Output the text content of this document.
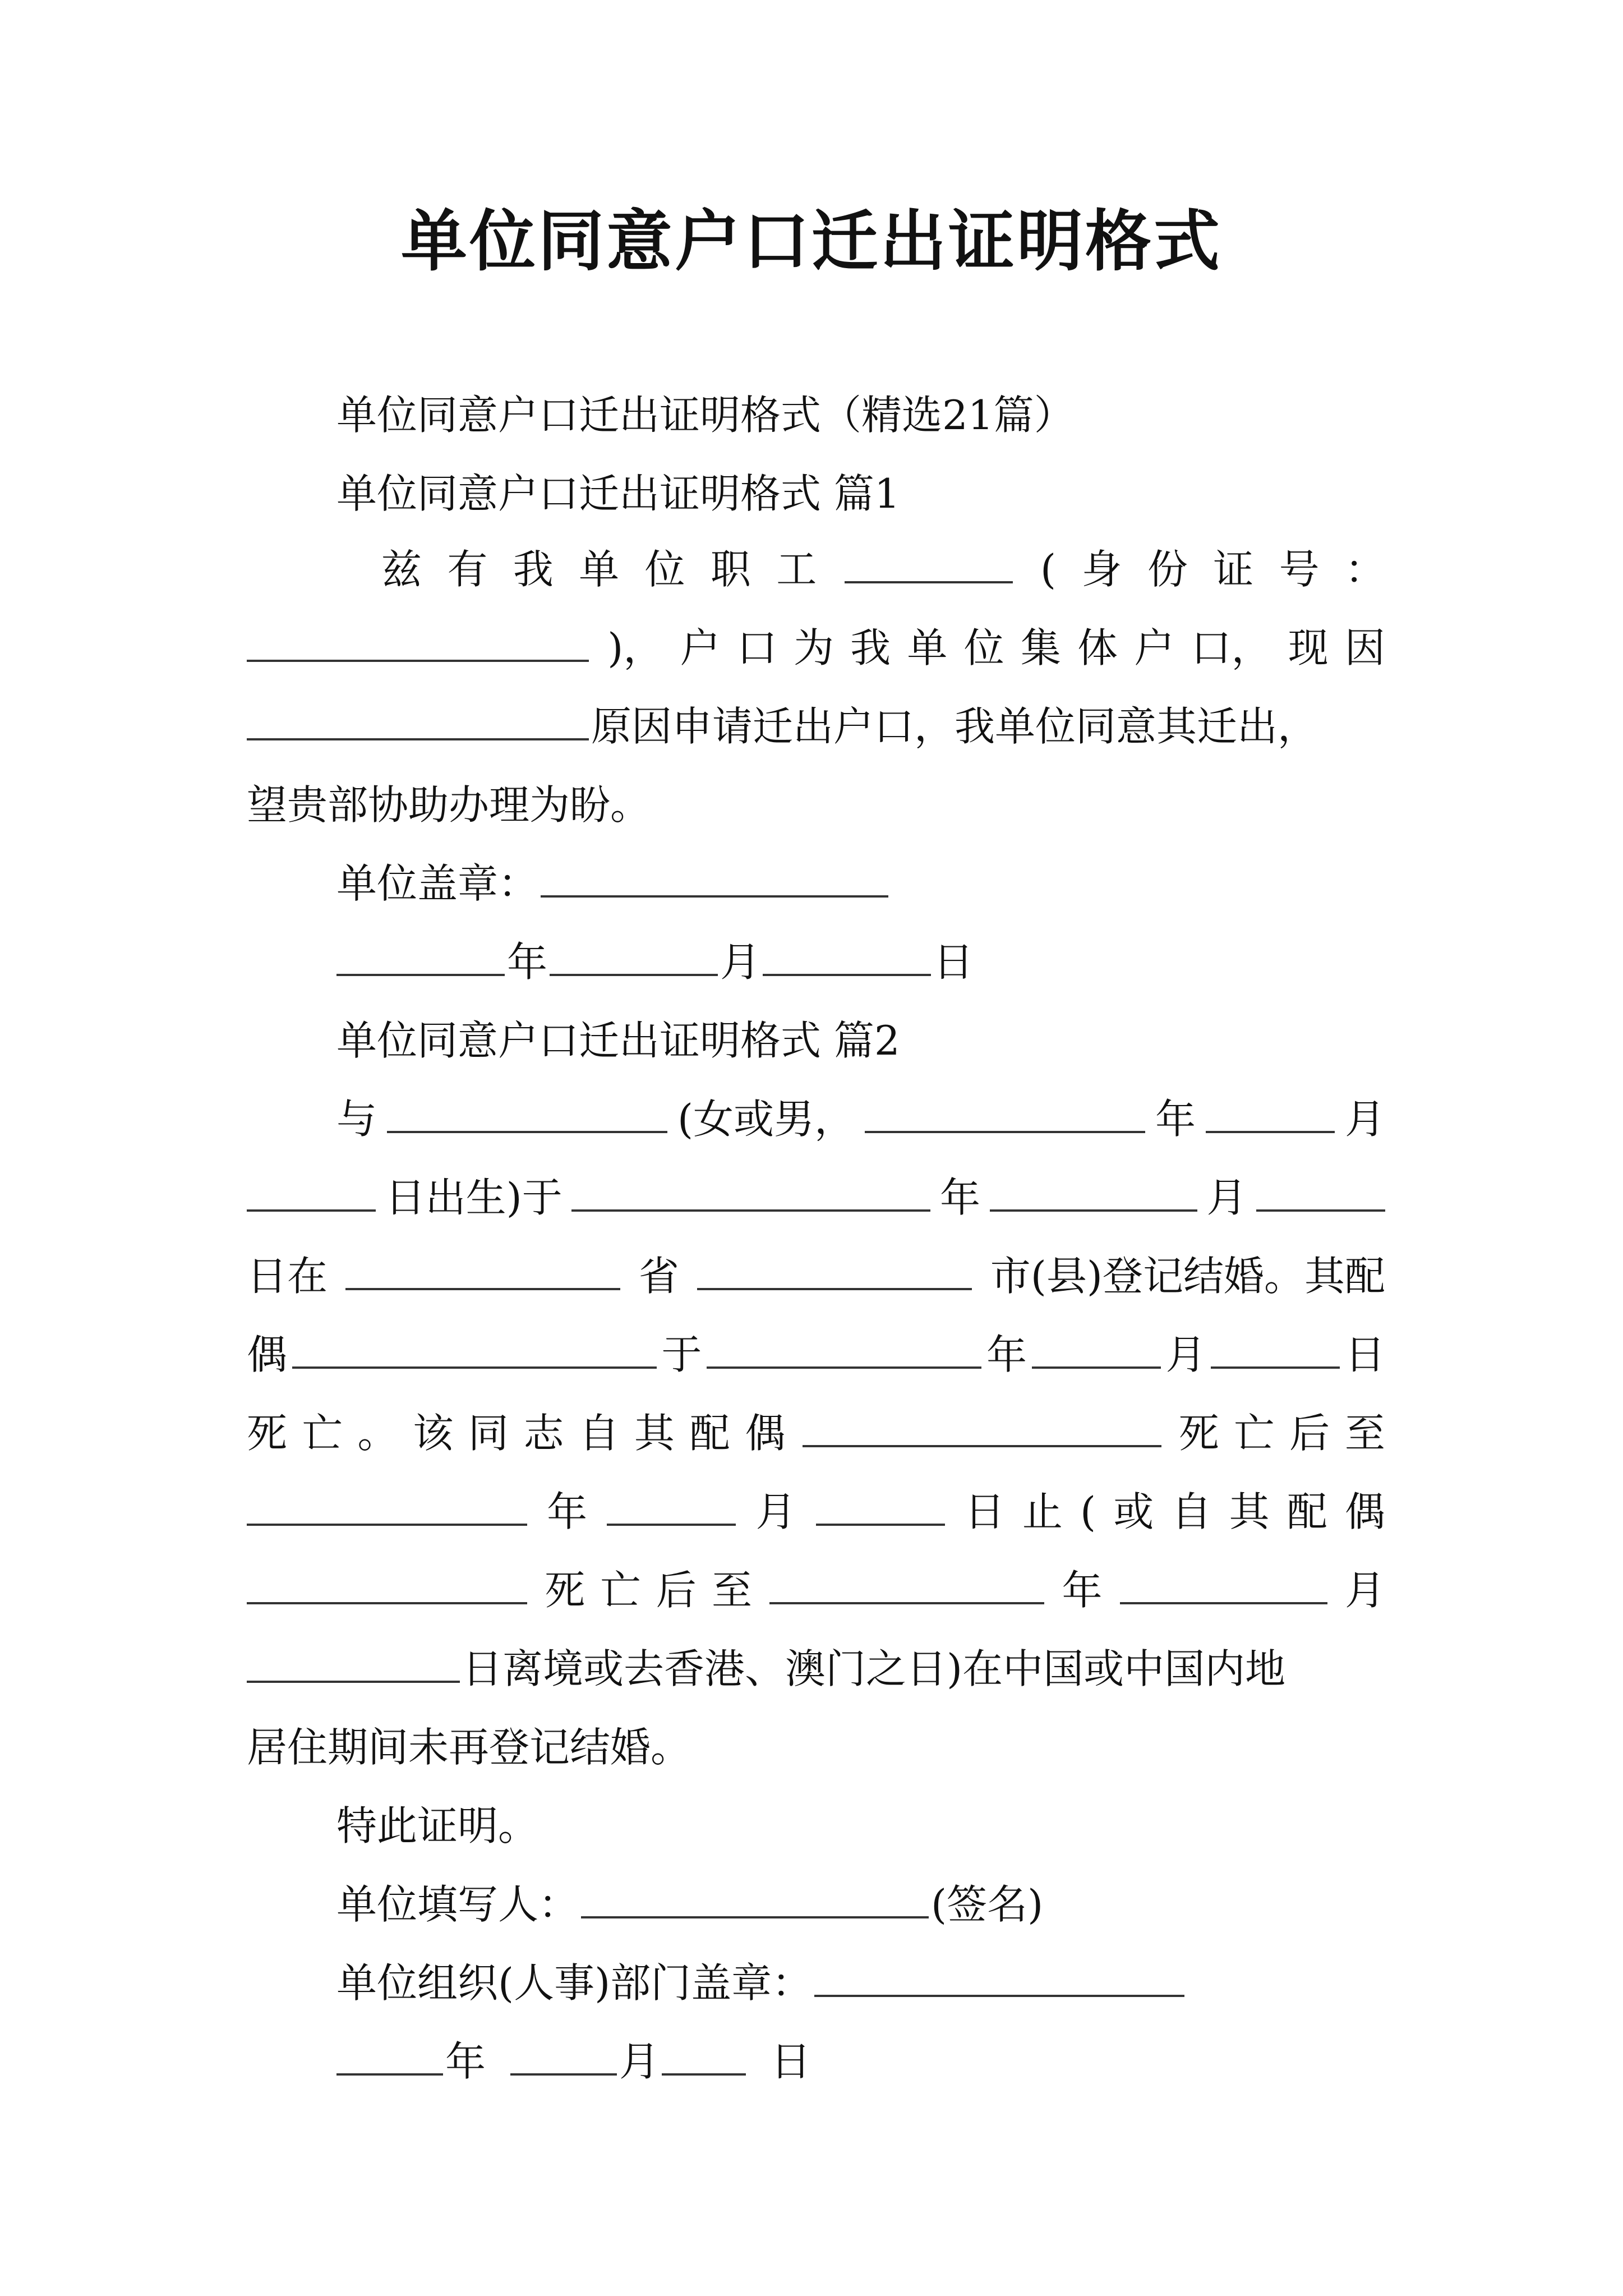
单位同意户口迁出证明格式
单位同意户口迁出证明格式（精选21篇）
单位同意户口迁出证明格式 篇1
兹 有 我 单 位 职 工	( 身 份 证 号 ：
)， 户 口 为 我 单 位 集 体 户 口， 现 因
原因申请迁出户口，我单位同意其迁出，
望贵部协助办理为盼。
单位盖章：
年	月	日
单位同意户口迁出证明格式 篇2
与	(女或男，	年	月
日出生)于	年	月
日在	省	市(县)登记结婚。其配
偶	于	年	月	日
死 亡 。 该 同 志 自 其 配 偶	死 亡 后 至
年	月	日 止 ( 或 自 其 配 偶
死 亡 后 至	年	月
日离境或去香港、澳门之日)在中国或中国内地
居住期间未再登记结婚。
特此证明。
单位填写人：	(签名)
单位组织(人事)部门盖章：
年	月	日
